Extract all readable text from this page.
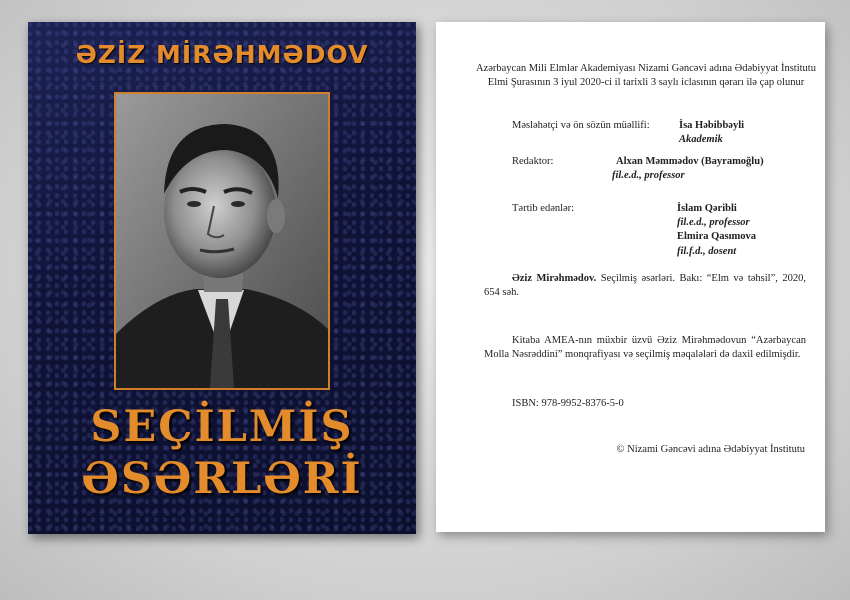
ƏZİZ MİRƏHMƏDOV
SEÇİLMİŞ
ƏSƏRLƏRİ
Azərbaycan Mili Elmlər Akademiyası Nizami Gəncəvi adına Ədəbiyyat İnstitutu Elmi Şurasının 3 iyul 2020-ci il tarixli 3 saylı iclasının qərarı ilə çap olunur
Məsləhətçi və ön sözün müəllifi:	İsa Həbibbəyli
Akademik
Redaktor:	Alxan Məmmədov (Bayramoğlu)
fil.e.d., professor
Tərtib edənlər:	İslam Qəribli
fil.e.d., professor
Elmira Qasımova
fil.f.d., dosent
Əziz Mirəhmədov. Seçilmiş əsərləri. Bakı: “Elm və təhsil”, 2020, 654 səh.
Kitaba AMEA-nın müxbir üzvü Əziz Mirəhmədovun “Azərbaycan Molla Nəsrəddini” monqrafiyası və seçilmiş məqalələri də daxil edilmişdir.
ISBN: 978-9952-8376-5-0
© Nizami Gəncəvi adına Ədəbiyyat İnstitutu
